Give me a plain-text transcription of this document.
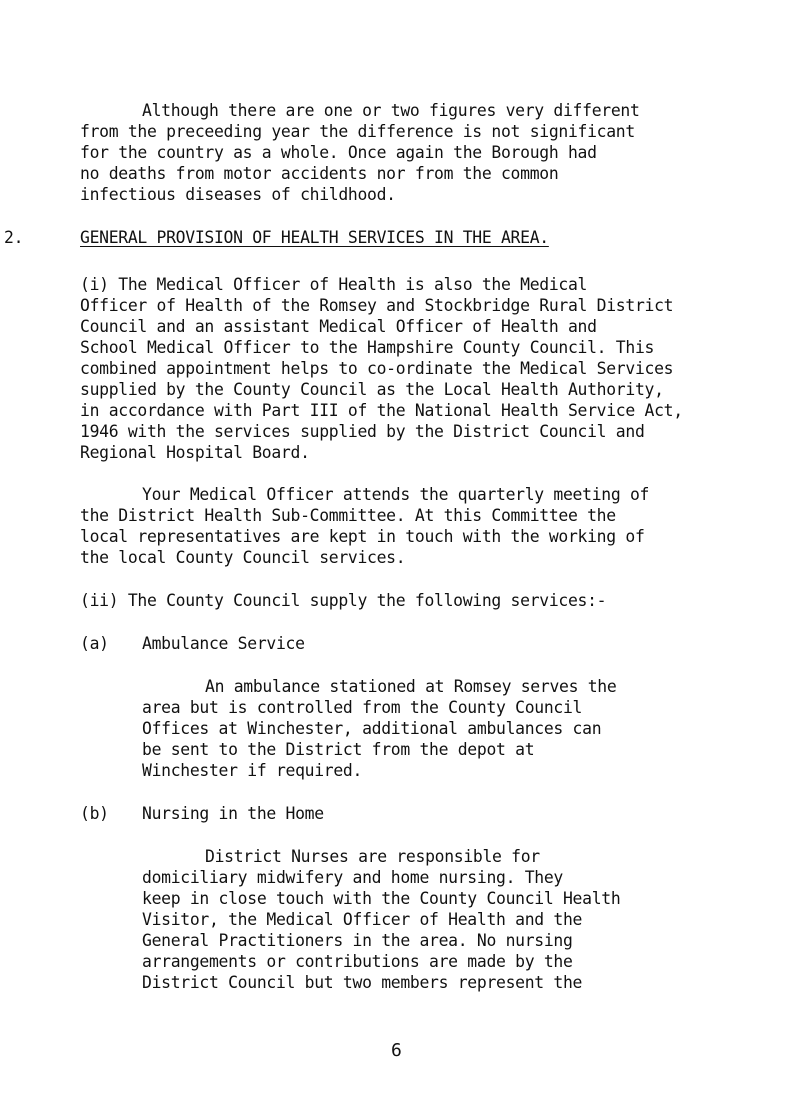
Although there are one or two figures very different
from the preceeding year the difference is not significant
for the country as a whole. Once again the Borough had
no deaths from motor accidents nor from the common
infectious diseases of childhood.
2.	GENERAL PROVISION OF HEALTH SERVICES IN THE AREA.
(i) The Medical Officer of Health is also the Medical
Officer of Health of the Romsey and Stockbridge Rural District
Council and an assistant Medical Officer of Health and
School Medical Officer to the Hampshire County Council. This
combined appointment helps to co-ordinate the Medical Services
supplied by the County Council as the Local Health Authority,
in accordance with Part III of the National Health Service Act,
1946 with the services supplied by the District Council and
Regional Hospital Board.
Your Medical Officer attends the quarterly meeting of
the District Health Sub-Committee. At this Committee the
local representatives are kept in touch with the working of
the local County Council services.
(ii) The County Council supply the following services:-
(a) Ambulance Service
An ambulance stationed at Romsey serves the
area but is controlled from the County Council
Offices at Winchester, additional ambulances can
be sent to the District from the depot at
Winchester if required.
(b) Nursing in the Home
District Nurses are responsible for
domiciliary midwifery and home nursing. They
keep in close touch with the County Council Health
Visitor, the Medical Officer of Health and the
General Practitioners in the area. No nursing
arrangements or contributions are made by the
District Council but two members represent the
6
